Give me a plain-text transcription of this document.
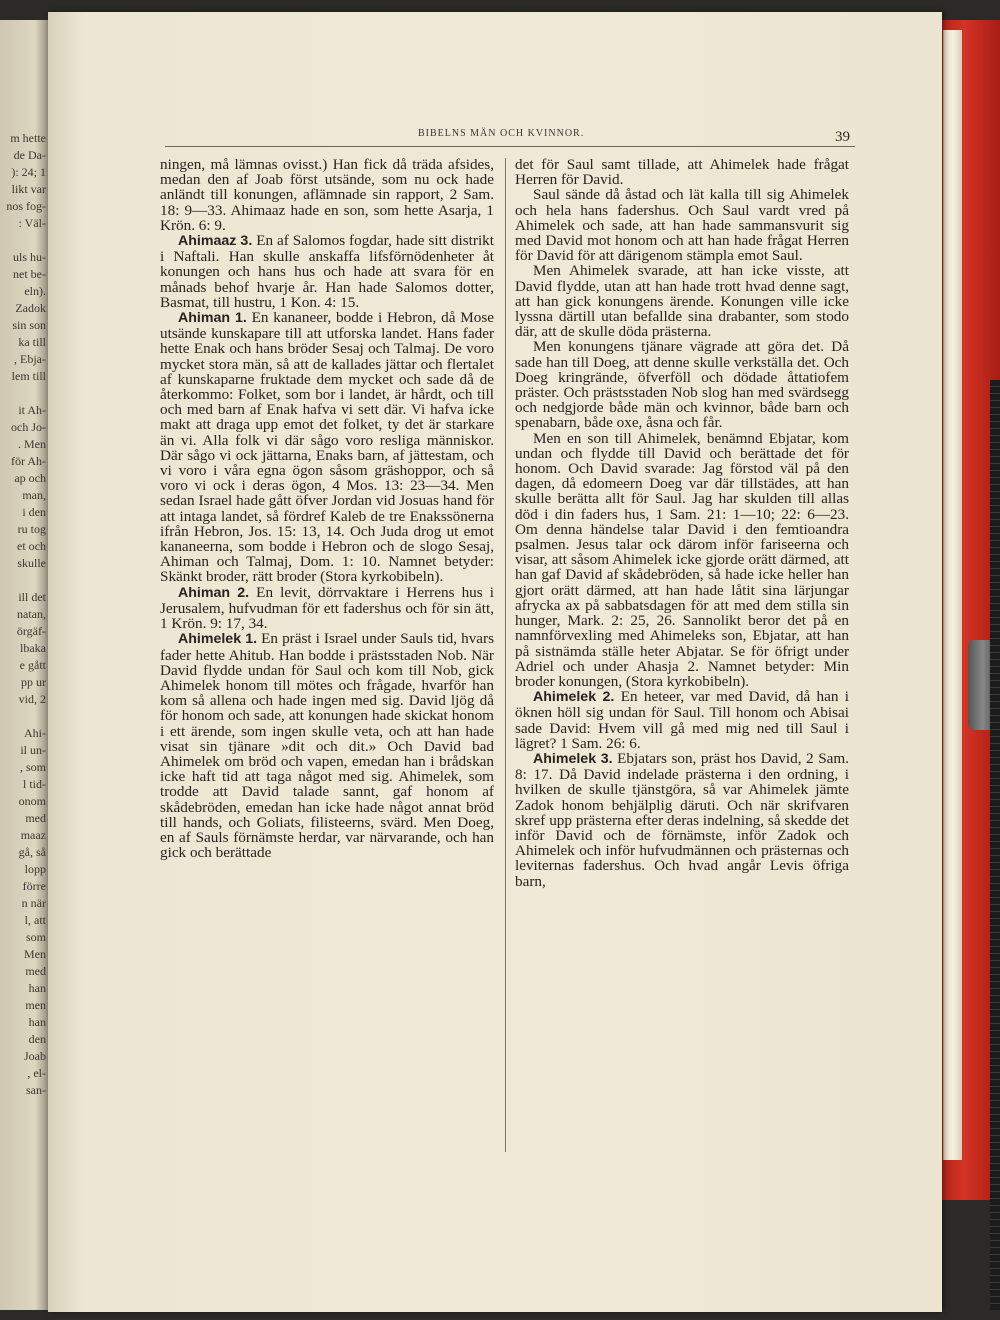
m hette
de Da-
): 24; 1
likt var
nos fog-
: Väl-

uls hu-
net be-
eln).
Zadok
sin son
ka till
, Ebja-
lem till

it Ah-
och Jo-
. Men
för Ah-
ap och
man,
i den
ru tog
et och
skulle

ill det
natan,
örgäf-
lbaka
e gått
pp ur
vid, 2

Ahi-
il un-
, som
l tid-
onom
med
maaz
gå, så
lopp
förre
n när
l, att
som
Men
med
han
men
han
den
Joab
, el-
san-
BIBELNS MÄN OCH KVINNOR.	39

ningen, må lämnas ovisst.) Han fick då träda afsides, medan den af Joab först utsände, som nu ock hade anländt till konungen, aflämnade sin rapport, 2 Sam. 18: 9—33. Ahimaaz hade en son, som hette Asarja, 1 Krön. 6: 9.

Ahimaaz 3. En af Salomos fogdar, hade sitt distrikt i Naftali. Han skulle anskaffa lifsförnödenheter åt konungen och hans hus och hade att svara för en månads behof hvarje år. Han hade Salomos dotter, Basmat, till hustru, 1 Kon. 4: 15.

Ahiman 1. En kananeer, bodde i Hebron, då Mose utsände kunskapare till att utforska landet. Hans fader hette Enak och hans bröder Sesaj och Talmaj. De voro mycket stora män, så att de kallades jättar och flertalet af kunskaparne fruktade dem mycket och sade då de återkommo: Folket, som bor i landet, är hårdt, och till och med barn af Enak hafva vi sett där. Vi hafva icke makt att draga upp emot det folket, ty det är starkare än vi. Alla folk vi där sågo voro resliga människor. Där sågo vi ock jättarna, Enaks barn, af jättestam, och vi voro i våra egna ögon såsom gräshoppor, och så voro vi ock i deras ögon, 4 Mos. 13: 23—34. Men sedan Israel hade gått öfver Jordan vid Josuas hand för att intaga landet, så fördref Kaleb de tre Enakssönerna ifrån Hebron, Jos. 15: 13, 14. Och Juda drog ut emot kananeerna, som bodde i Hebron och de slogo Sesaj, Ahiman och Talmaj, Dom. 1: 10. Namnet betyder: Skänkt broder, rätt broder (Stora kyrkobibeln).

Ahiman 2. En levit, dörrvaktare i Herrens hus i Jerusalem, hufvudman för ett fadershus och för sin ätt, 1 Krön. 9: 17, 34.

Ahimelek 1. En präst i Israel under Sauls tid, hvars fader hette Ahitub. Han bodde i prästsstaden Nob. När David flydde undan för Saul och kom till Nob, gick Ahimelek honom till mötes och frågade, hvarför han kom så allena och hade ingen med sig. David ljög då för honom och sade, att konungen hade skickat honom i ett ärende, som ingen skulle veta, och att han hade visat sin tjänare »dit och dit.» Och David bad Ahimelek om bröd och vapen, emedan han i brådskan icke haft tid att taga något med sig. Ahimelek, som trodde att David talade sannt, gaf honom af skådebröden, emedan han icke hade något annat bröd till hands, och Goliats, filisteerns, svärd. Men Doeg, en af Sauls förnämste herdar, var närvarande, och han gick och berättade

det för Saul samt tillade, att Ahimelek hade frågat Herren för David.

Saul sände då åstad och lät kalla till sig Ahimelek och hela hans fadershus. Och Saul vardt vred på Ahimelek och sade, att han hade sammansvurit sig med David mot honom och att han hade frågat Herren för David för att därigenom stämpla emot Saul.

Men Ahimelek svarade, att han icke visste, att David flydde, utan att han hade trott hvad denne sagt, att han gick konungens ärende. Konungen ville icke lyssna därtill utan befallde sina drabanter, som stodo där, att de skulle döda prästerna.

Men konungens tjänare vägrade att göra det. Då sade han till Doeg, att denne skulle verkställa det. Och Doeg kringrände, öfverföll och dödade åttatiofem präster. Och prästsstaden Nob slog han med svärdsegg och nedgjorde både män och kvinnor, både barn och spenabarn, både oxe, åsna och får.

Men en son till Ahimelek, benämnd Ebjatar, kom undan och flydde till David och berättade det för honom. Och David svarade: Jag förstod väl på den dagen, då edomeern Doeg var där tillstädes, att han skulle berätta allt för Saul. Jag har skulden till allas död i din faders hus, 1 Sam. 21: 1—10; 22: 6—23. Om denna händelse talar David i den femtioandra psalmen. Jesus talar ock därom inför fariseerna och visar, att såsom Ahimelek icke gjorde orätt därmed, att han gaf David af skådebröden, så hade icke heller han gjort orätt därmed, att han hade låtit sina lärjungar afrycka ax på sabbatsdagen för att med dem stilla sin hunger, Mark. 2: 25, 26. Sannolikt beror det på en namnförvexling med Ahimeleks son, Ebjatar, att han på sistnämda ställe heter Abjatar. Se för öfrigt under Adriel och under Ahasja 2. Namnet betyder: Min broder konungen, (Stora kyrkobibeln).

Ahimelek 2. En heteer, var med David, då han i öknen höll sig undan för Saul. Till honom och Abisai sade David: Hvem vill gå med mig ned till Saul i lägret? 1 Sam. 26: 6.

Ahimelek 3. Ebjatars son, präst hos David, 2 Sam. 8: 17. Då David indelade prästerna i den ordning, i hvilken de skulle tjänstgöra, så var Ahimelek jämte Zadok honom behjälplig däruti. Och när skrifvaren skref upp prästerna efter deras indelning, så skedde det inför David och de förnämste, inför Zadok och Ahimelek och inför hufvudmännen och prästernas och leviternas fadershus. Och hvad angår Levis öfriga barn,
